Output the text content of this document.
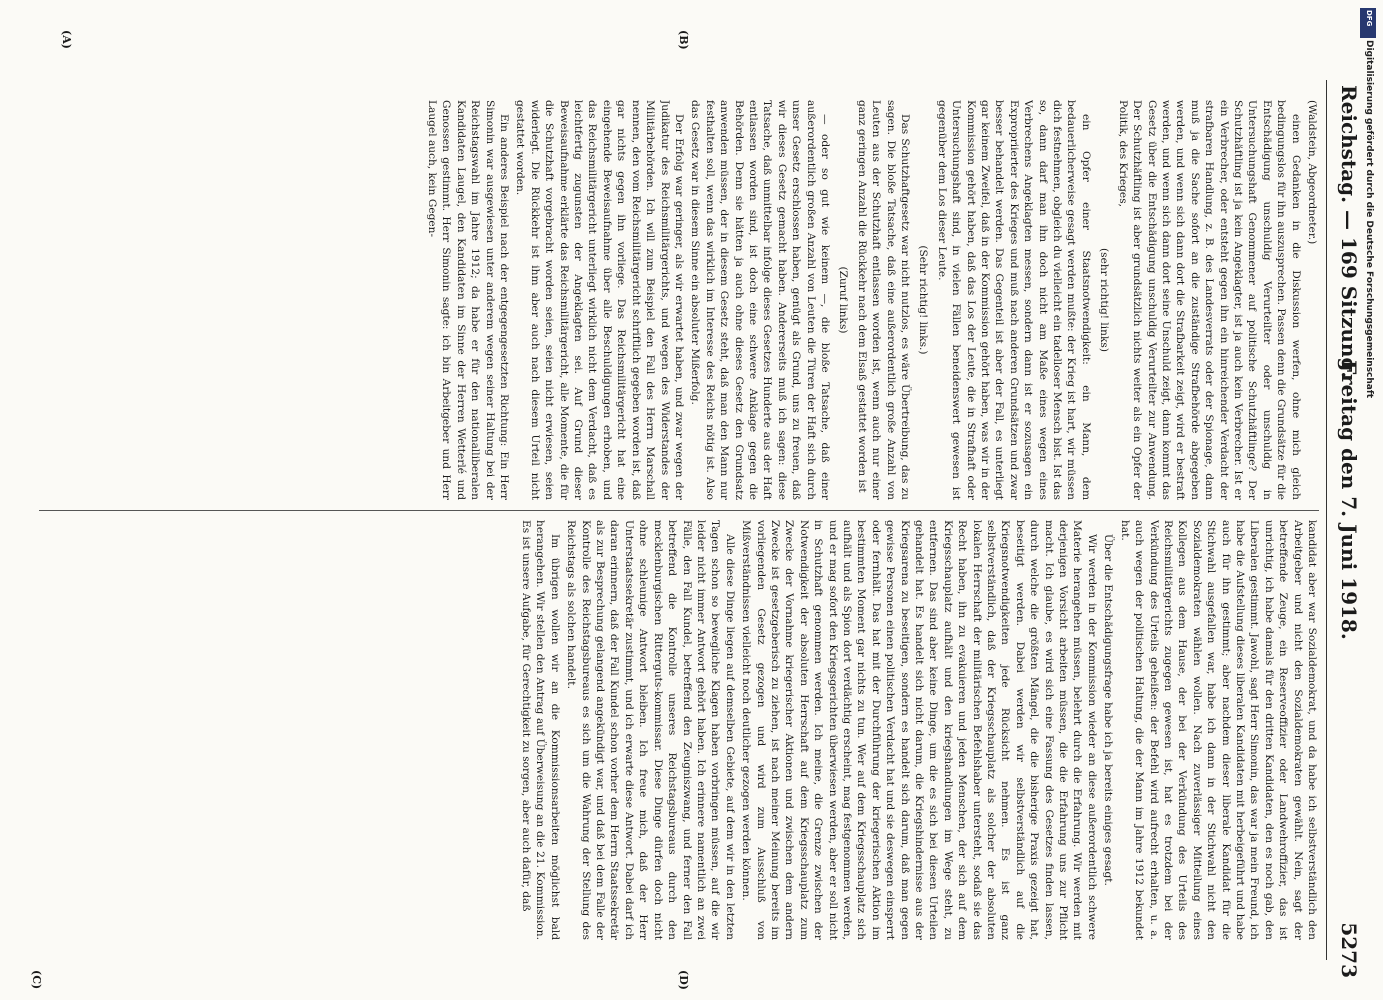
Reichstag. — 169 Sitzung.
Freitag den 7. Juni 1918.
5273

(Waldstein, Abgeordneter.)

einen Gedanken in die Diskussion werfen, ohne mich gleich bedingungslos für ihn auszusprechen. Passen denn die Grundsätze für die Entschädigung unschuldig Verurteilter oder unschuldig in Untersuchungshaft Genommener auf politische Schutzhäftlinge? Der Schutzhäftling ist ja kein Angeklagter, ist ja auch kein Verbrecher. Ist er ein Verbrecher, oder entsteht gegen ihn ein hinreichender Verdacht der strafbaren Handlung, z. B. des Landesverrats oder der Spionage, dann muß ja die Sache sofort an die zuständige Strafbehörde abgegeben werden, und wenn sich dann dort die Strafbarkeit zeigt, wird er bestraft werden, und wenn sich dann dort seine Unschuld zeigt, dann kommt das Gesetz über die Entschädigung unschuldig Verurteilter zur Anwendung. Der Schutzhäftling ist aber grundsätzlich nichts weiter als ein Opfer der Politik, des Krieges,

(sehr richtig! links)

ein Opfer einer Staatsnotwendigkeit: ein Mann, dem bedauerlicherweise gesagt werden mußte: der Krieg ist hart, wir müssen dich festnehmen, obgleich du vielleicht ein tadelloser Mensch bist. Ist das so, dann darf man ihn doch nicht am Maße eines wegen eines Verbrechens Angeklagten messen, sondern dann ist er sozusagen ein Expropriierter des Krieges und muß nach anderen Grundsätzen und zwar besser behandelt werden. Das Gegenteil ist aber der Fall, es unterliegt gar keinem Zweifel, daß in der Kommission gehört haben, was wir in der Kommission gehört haben, daß das Los der Leute, die in Strafhaft oder Untersuchungshaft sind, in vielen Fällen beneidenswert gewesen ist gegenüber dem Los dieser Leute.

(Sehr richtig! links.)

Das Schutzhaftgesetz war nicht nutzlos, es wäre Übertreibung, das zu sagen. Die bloße Tatsache, daß eine außerordentlich große Anzahl von Leuten aus der Schutzhaft entlassen worden ist, wenn auch nur einer ganz geringen Anzahl die Rückkehr nach dem Elsaß gestattet worden ist

(Zuruf links)

— oder so gut wie keinem —, die bloße Tatsache, daß einer außerordentlich großen Anzahl von Leuten die Türen der Haft sich durch unser Gesetz erschlossen haben, genügt als Grund, uns zu freuen, daß wir dieses Gesetz gemacht haben. Andererseits muß ich sagen: diese Tatsache, daß unmittelbar infolge dieses Gesetzes Hunderte aus der Haft entlassen worden sind, ist doch eine schwere Anklage gegen die Behörden. Denn sie hätten ja auch ohne dieses Gesetz den Grundsatz anwenden müssen, der in diesem Gesetz steht, daß man den Mann nur festhalten soll, wenn das wirklich im Interesse des Reichs nötig ist. Also das Gesetz war in diesem Sinne ein absoluter Mißerfolg.

Der Erfolg war geringer, als wir erwartet haben, und zwar wegen der Judikatur des Reichsmilitärgerichts, und wegen des Widerstandes der Militärbehörden. Ich will zum Beispiel den Fall des Herrn Marschall nennen, den vom Reichsmilitärgericht schriftlich gegeben worden ist, daß gar nichts gegen ihn vorliege. Das Reichsmilitärgericht hat eine eingehende Beweisaufnahme über alle Beschuldigungen erhoben, und das Reichsmilitärgericht unterliegt wirklich nicht dem Verdacht, daß es leichtfertig zugunsten der Angeklagten sei. Auf Grund dieser Beweisaufnahme erklärte das Reichsmilitärgericht, alle Momente, die für die Schutzhaft vorgebracht worden seien, seien nicht erwiesen, seien widerlegt. Die Rückkehr ist ihm aber auch nach diesem Urteil nicht gestattet worden.

Ein anderes Beispiel nach der entgegengesetzten Richtung: Ein Herr Simonin war ausgewiesen unter anderem wegen seiner Haltung bei der Reichstagswahl im Jahre 1912; da habe er für den nationalliberalen Kandidaten Laugel, den Kandidaten im Sinne der Herren Wetterlé und Genossen gestimmt. Herr Simonin sagte: ich bin Arbeitgeber und Herr Laugel auch, kein Gegen-

kandidat aber war Sozialdemokrat, und da habe ich selbstverständlich den Arbeitgeber und nicht den Sozialdemokraten gewählt. Nein, sagt der betreffende Zeuge, ein Reserveoffizier oder Landwehroffizier, das ist unrichtig, ich habe damals für den dritten Kandidaten, den es noch gab, den Liberalen gestimmt. Jawohl, sagt Herr Simonin, das war ja mein Freund, ich habe die Aufstellung dieses liberalen Kandidaten mit herbeigeführt und habe auch für ihn gestimmt; aber nachdem dieser liberale Kandidat für die Stichwahl ausgefallen war, habe ich dann in der Stichwahl nicht den Sozialdemokraten wählen wollen. Nach zuverlässiger Mitteilung eines Kollegen aus dem Hause, der bei der Verkündung des Urteils des Reichsmilitärgerichts zugegen gewesen ist, hat es trotzdem bei der Verkündung des Urteils geheißen: der Befehl wird aufrecht erhalten, u. a. auch wegen der politischen Haltung, die der Mann im Jahre 1912 bekundet hat.

Über die Entschädigungsfrage habe ich ja bereits einiges gesagt.

Wir werden in der Kommission wieder an diese außerordentlich schwere Materie herangehen müssen, belehrt durch die Erfahrung. Wir werden mit derjenigen Vorsicht arbeiten müssen, die die Erfahrung uns zur Pflicht macht. Ich glaube, es wird sich eine Fassung des Gesetzes finden lassen, durch welche die größten Mängel, die die bisherige Praxis gezeigt hat, beseitigt werden. Dabei werden wir selbstverständlich auf die Kriegsnotwendigkeiten jede Rücksicht nehmen. Es ist ganz selbstverständlich, daß der Kriegsschauplatz als solcher der absoluten lokalen Herrschaft der militärischen Befehlshaber untersteht, sodaß sie das Recht haben, ihn zu evakuieren und jeden Menschen, der sich auf dem Kriegsschauplatz aufhält und den kriegshandlungen im Wege steht, zu entfernen. Das sind aber keine Dinge, um die es sich bei diesen Urteilen gehandelt hat. Es handelt sich nicht darum, die Kriegshindernisse aus der Kriegsarena zu beseitigen, sondern es handelt sich darum, daß man gegen gewisse Personen einen politischen Verdacht hat und sie deswegen einsperrt oder fernhält. Das hat mit der Durchführung der kriegerischen Aktion im bestimmten Moment gar nichts zu tun. Wer auf dem Kriegsschauplatz sich aufhält und als Spion dort verdächtig erscheint, mag festgenommen werden, und er mag sofort den Kriegsgerichten überwiesen werden, aber er soll nicht in Schutzhaft genommen werden. Ich meine, die Grenze zwischen der Notwendigkeit der absoluten Herrschaft auf dem Kriegsschauplatz zum Zwecke der Vornahme kriegerischer Aktionen und zwischen dem andern Zwecke ist gesetzgeberisch zu ziehen, ist nach meiner Meinung bereits im vorliegenden Gesetz gezogen und wird zum Ausschluß von Mißverständnissen vielleicht noch deutlicher gezogen werden können.

Alle diese Dinge liegen auf demselben Gebiete, auf dem wir in den letzten Tagen schon so bewegliche Klagen haben vorbringen müssen, auf die wir leider nicht immer Antwort gehört haben. Ich erinnere namentlich an zwei Fälle, den Fall Kundel, betreffend den Zeugniszwang, und ferner den Fall betreffend die Kontrolle unseres Reichstagsbureaus durch den mecklenburgischen Ritterguts-kommissar. Diese Dinge dürfen doch nicht ohne schleunige Antwort bleiben. Ich freue mich, daß der Herr Unterstaatssekretär zustimmt, und ich erwarte diese Antwort. Dabei darf ich daran erinnern, daß der Fall Kundel schon vorher dem Herrn Staatssekretär als zur Besprechung gelangend angekündigt war, und daß bei dem Falle der Kontrolle des Reichstagsbureaus es sich um die Wahrung der Stellung des Reichstags als solchen handelt.

Im übrigen wollen wir an die Kommissionsarbeiten möglichst bald herangehen. Wir stellen den Antrag auf Überweisung an die 21. Kommission. Es ist unsere Aufgabe, für Gerechtigkeit zu sorgen, aber auch dafür, daß

(A)	(B)
(C)	(D)
DFG
Digitalisierung gefördert durch die Deutsche Forschungsgemeinschaft
